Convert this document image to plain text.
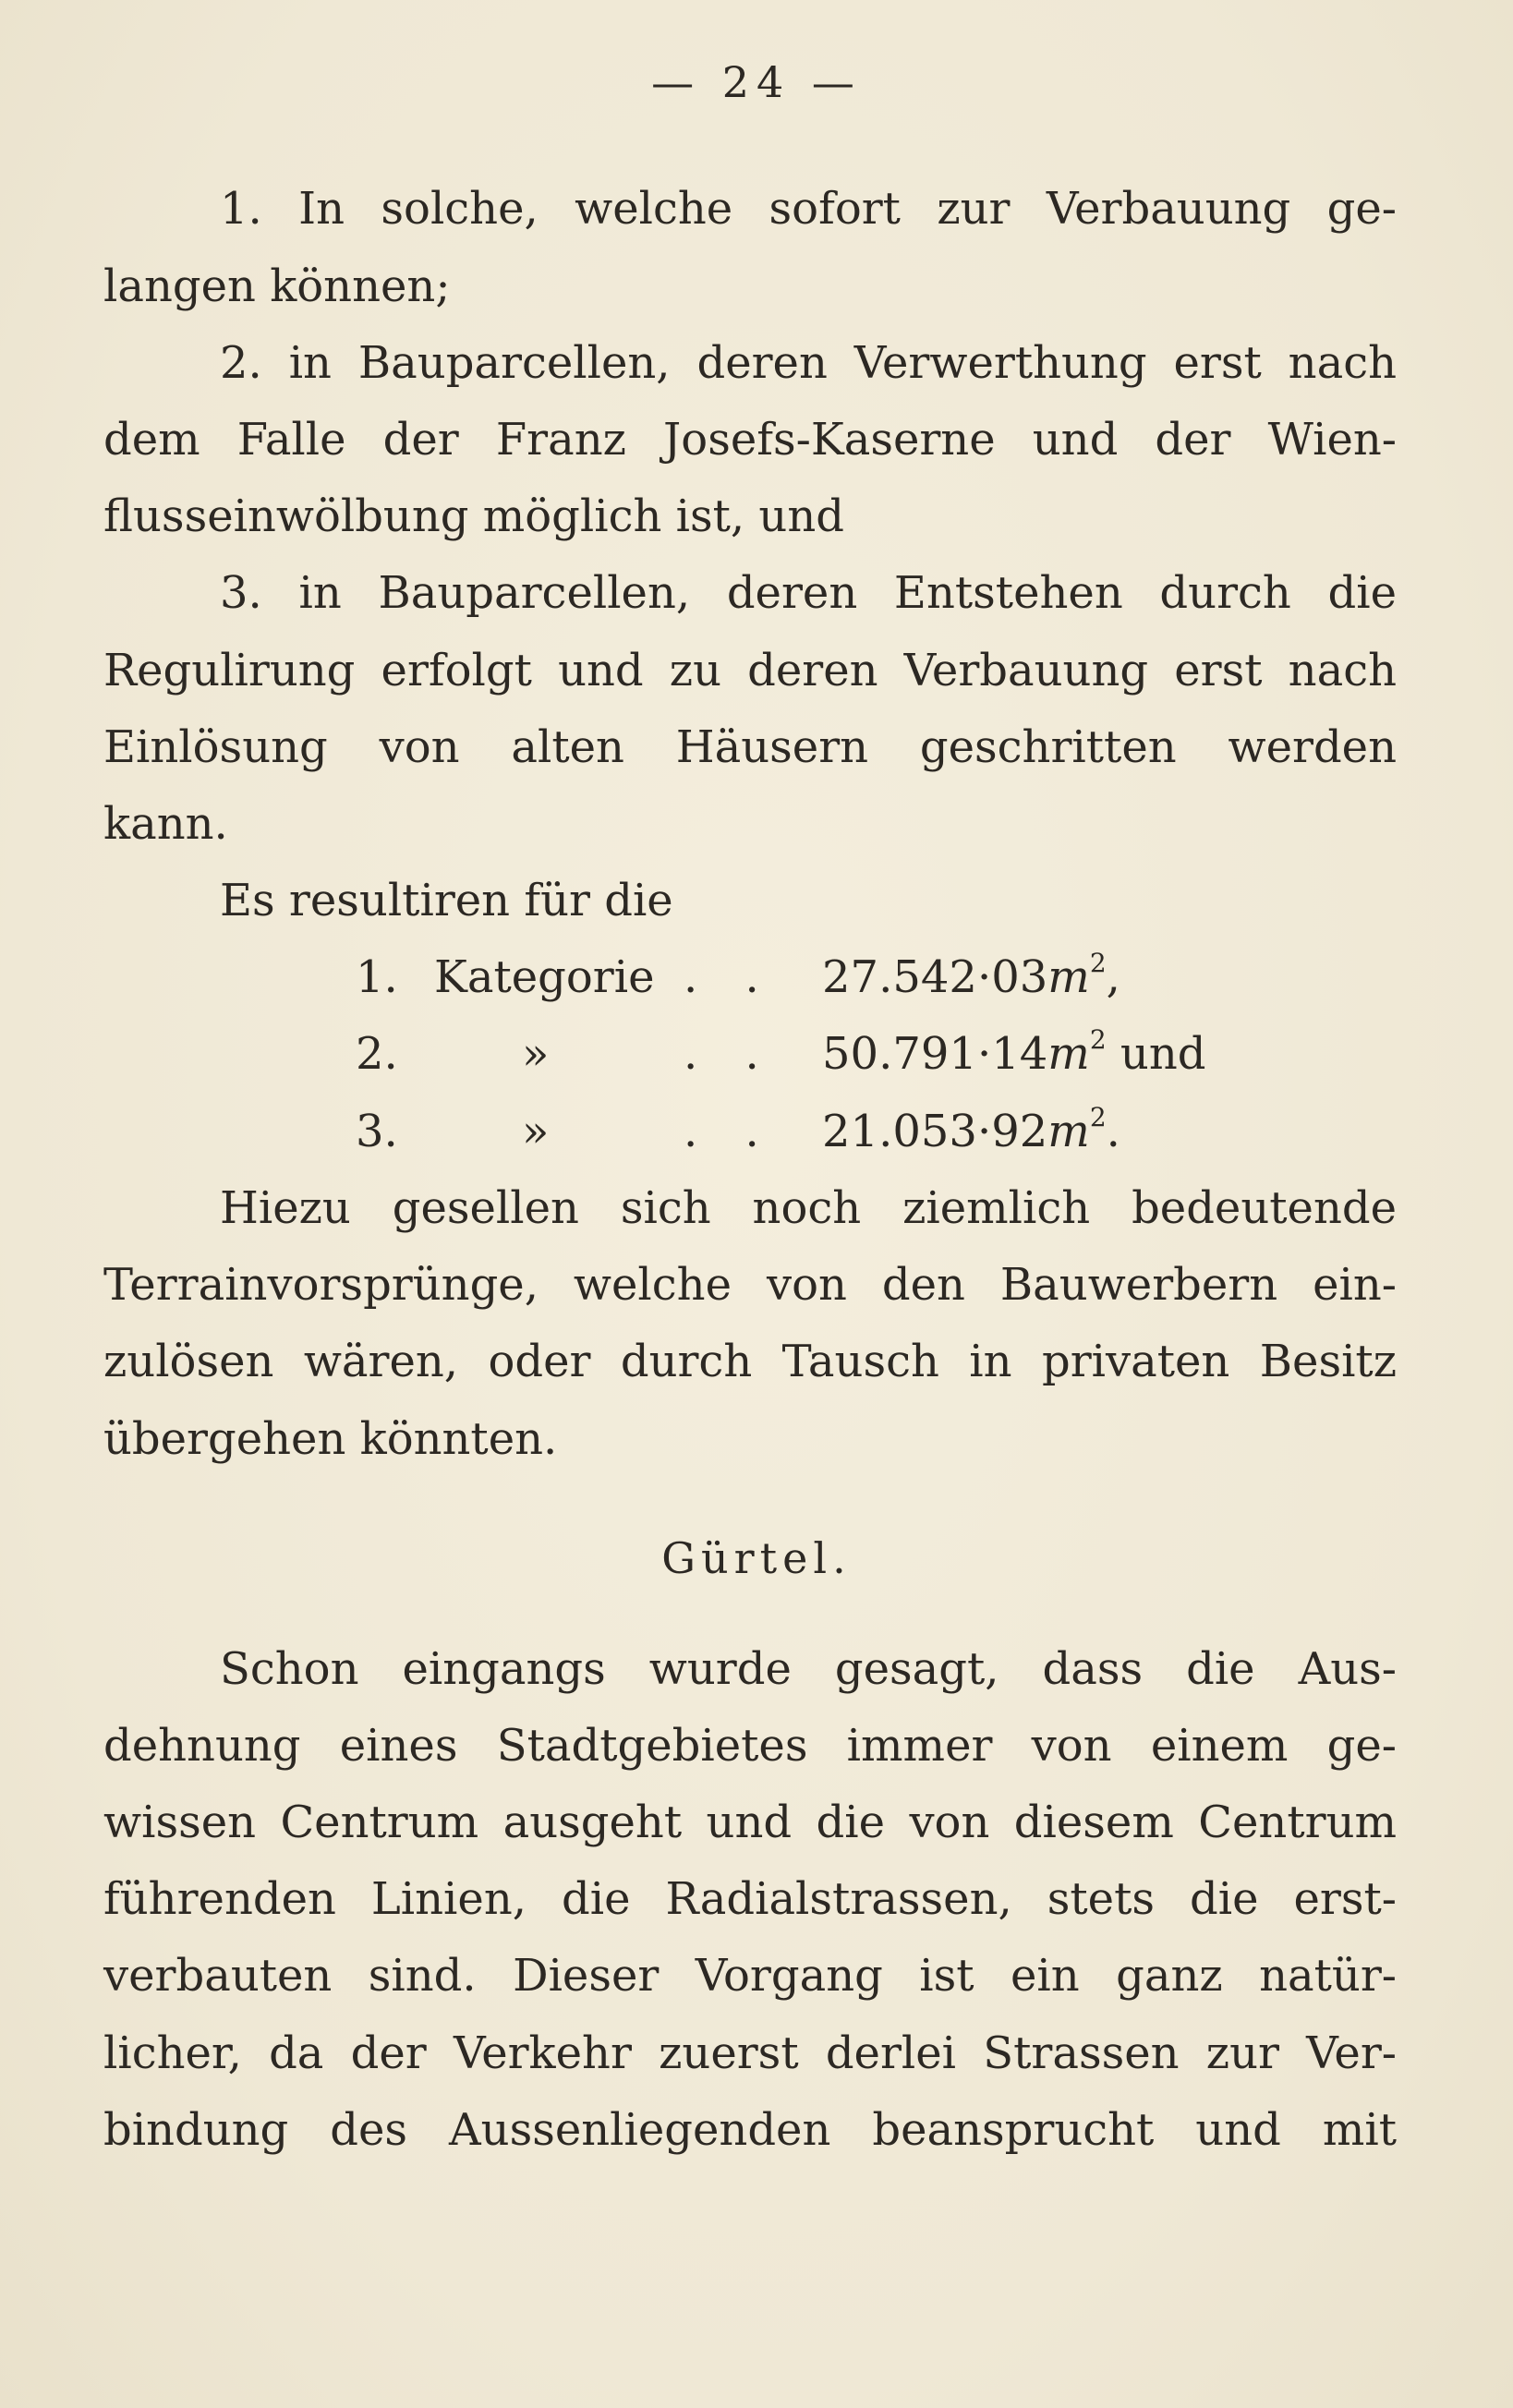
— 24 —
1. In solche, welche sofort zur Verbauung ge-
langen können;
2. in Bauparcellen, deren Verwerthung erst nach
dem Falle der Franz Josefs-Kaserne und der Wien-
flusseinwölbung möglich ist, und
3. in Bauparcellen, deren Entstehen durch die
Regulirung erfolgt und zu deren Verbauung erst nach
Einlösung von alten Häusern geschritten werden
kann.
Es resultiren für die
1. Kategorie . . $27.542\cdot 03m^2$,
2.	»	. . $50.791\cdot 14m^2$ und
3.	»	. . $21.053\cdot 92m^2$.
Hiezu gesellen sich noch ziemlich bedeutende
Terrainvorsprünge, welche von den Bauwerbern ein-
zulösen wären, oder durch Tausch in privaten Besitz
übergehen könnten.
Gürtel.
Schon eingangs wurde gesagt, dass die Aus-
dehnung eines Stadtgebietes immer von einem ge-
wissen Centrum ausgeht und die von diesem Centrum
führenden Linien, die Radialstrassen, stets die erst-
verbauten sind. Dieser Vorgang ist ein ganz natür-
licher, da der Verkehr zuerst derlei Strassen zur Ver-
bindung des Aussenliegenden beansprucht und mit
